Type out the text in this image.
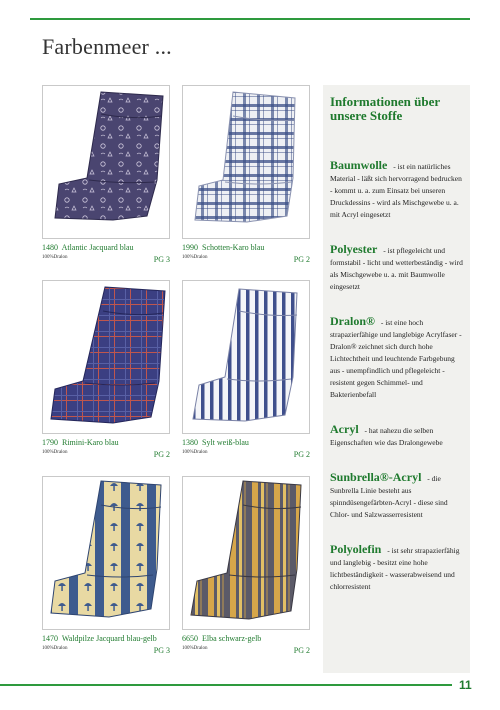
Farbenmeer ...
1480 Atlantic Jacquard blau
100%Dralon	PG 3
1990 Schotten-Karo blau
100%Dralon	PG 2
1790 Rimini-Karo blau
100%Dralon	PG 2
1380 Sylt weiß-blau
100%Dralon	PG 2
1470 Waldpilze Jacquard blau-gelb
100%Dralon	PG 3
6650 Elba schwarz-gelb
100%Dralon	PG 2
Informationen über unsere Stoffe

Baumwolle - ist ein natürliches Material - läßt sich hervorragend bedrucken - kommt u. a. zum Einsatz bei unseren Druckdessins - wird als Mischgewebe u. a. mit Acryl eingesetzt

Polyester - ist pflegeleicht und formstabil - licht und wetterbeständig - wird als Mischgewebe u. a. mit Baumwolle eingesetzt

Dralon® - ist eine hoch strapazierfähige und langlebige Acrylfaser - Dralon® zeichnet sich durch hohe Lichtechtheit und leuchtende Farbgebung aus - unempfindlich und pflegeleicht - resistent gegen Schimmel- und Bakterienbefall

Acryl - hat nahezu die selben Eigenschaften wie das Dralongewebe

Sunbrella®-Acryl - die Sunbrella Linie besteht aus spinndüsengefärbten-Acryl - diese sind Chlor- und Salzwasserresistent

Polyolefin - ist sehr strapazierfähig und langlebig - besitzt eine hohe lichtbeständigkeit - wasserabweisend und chlorresistent

11
